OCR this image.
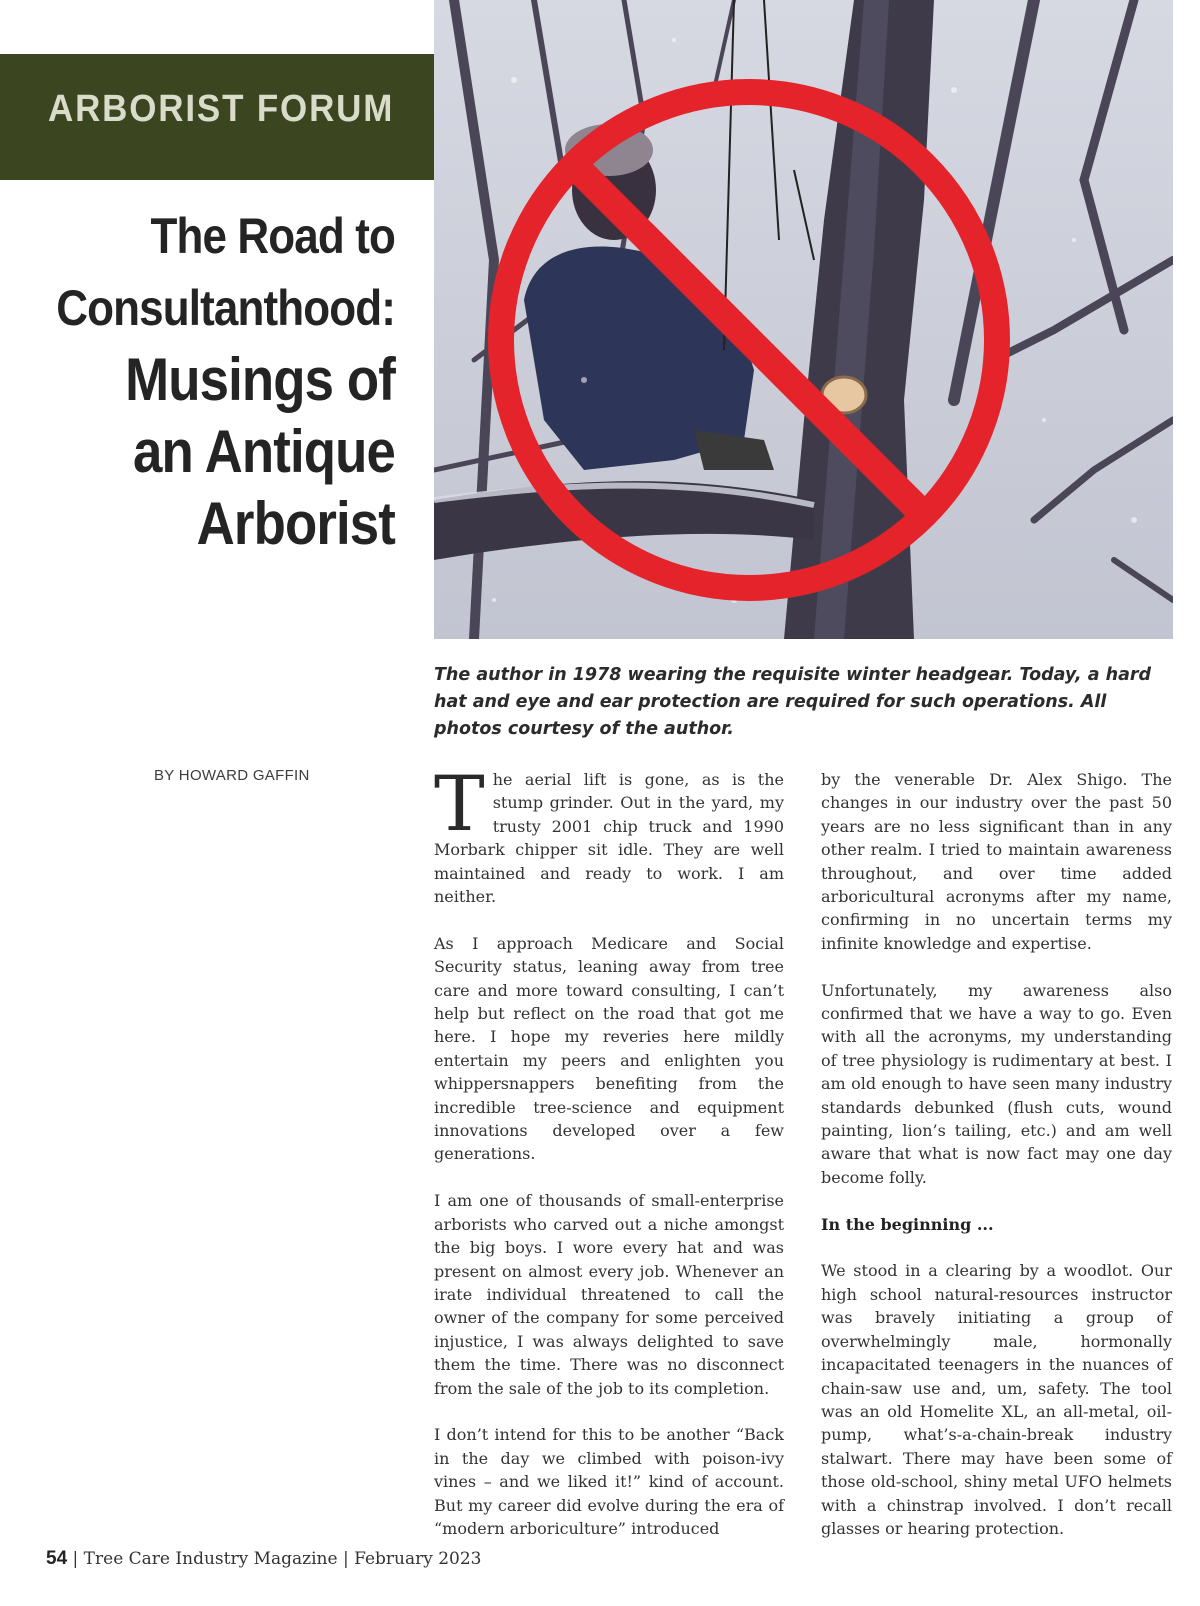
ARBORIST FORUM
The Road to
Consultanthood:
Musings of
an Antique
Arborist
The author in 1978 wearing the requisite winter headgear. Today, a hard hat and eye and ear protection are required for such operations. All photos courtesy of the author.
BY HOWARD GAFFIN The aerial lift is gone, as is the stump grinder. Out in the yard, my trusty 2001 chip truck and 1990 Morbark chipper sit idle. They are well maintained and ready to work. I am neither.

As I approach Medicare and Social Security status, leaning away from tree care and more toward consulting, I can’t help but reflect on the road that got me here. I hope my reveries here mildly entertain my peers and enlighten you whippersnappers benefiting from the incredible tree-science and equipment innovations developed over a few generations.

I am one of thousands of small-enterprise arborists who carved out a niche amongst the big boys. I wore every hat and was present on almost every job. Whenever an irate individual threatened to call the owner of the company for some perceived injustice, I was always delighted to save them the time. There was no disconnect from the sale of the job to its completion.

I don’t intend for this to be another “Back in the day we climbed with poison-ivy vines – and we liked it!” kind of account. But my career did evolve during the era of “modern arboriculture” introduced

by the venerable Dr. Alex Shigo. The changes in our industry over the past 50 years are no less significant than in any other realm. I tried to maintain awareness throughout, and over time added arboricultural acronyms after my name, confirming in no uncertain terms my infinite knowledge and expertise.

Unfortunately, my awareness also confirmed that we have a way to go. Even with all the acronyms, my understanding of tree physiology is rudimentary at best. I am old enough to have seen many industry standards debunked (flush cuts, wound painting, lion’s tailing, etc.) and am well aware that what is now fact may one day become folly.

In the beginning ...

We stood in a clearing by a woodlot. Our high school natural-resources instructor was bravely initiating a group of overwhelmingly male, hormonally incapacitated teenagers in the nuances of chain-saw use and, um, safety. The tool was an old Homelite XL, an all-metal, oil-pump, what’s-a-chain-break industry stalwart. There may have been some of those old-school, shiny metal UFO helmets with a chinstrap involved. I don’t recall glasses or hearing protection.

54 | Tree Care Industry Magazine | February 2023
